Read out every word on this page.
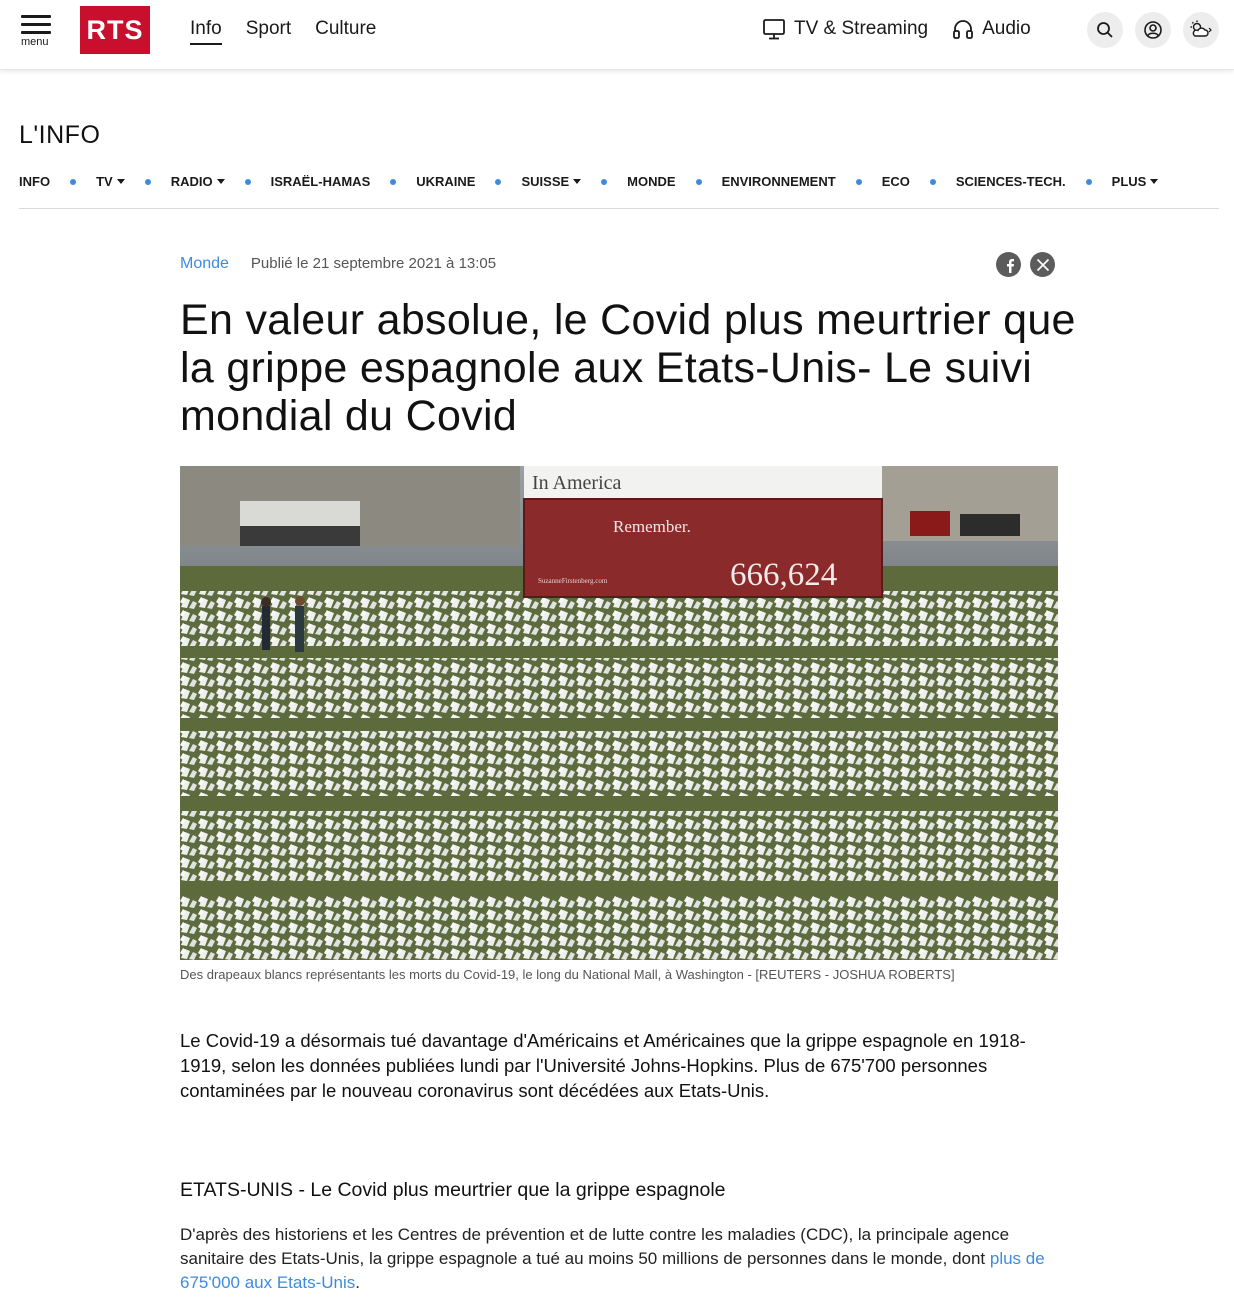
menu RTS	Info Sport Culture	TV & Streaming	Audio
L'INFO
INFO	TV	RADIO	ISRAËL-HAMAS	UKRAINE	SUISSE	MONDE	ENVIRONNEMENT	ECO	SCIENCES-TECH.	PLUS
Monde Publié le 21 septembre 2021 à 13:05
En valeur absolue, le Covid plus meurtrier que la grippe espagnole aux Etats-Unis- Le suivi mondial du Covid
In America
Remember.
SuzanneFirstenberg.com	666,624
Des drapeaux blancs représentants les morts du Covid-19, le long du National Mall, à Washington - [REUTERS - JOSHUA ROBERTS]

Le Covid-19 a désormais tué davantage d'Américains et Américaines que la grippe espagnole en 1918-1919, selon les données publiées lundi par l'Université Johns-Hopkins. Plus de 675'700 personnes contaminées par le nouveau coronavirus sont décédées aux Etats-Unis.

ETATS-UNIS - Le Covid plus meurtrier que la grippe espagnole

D'après des historiens et les Centres de prévention et de lutte contre les maladies (CDC), la principale agence sanitaire des Etats-Unis, la grippe espagnole a tué au moins 50 millions de personnes dans le monde, dont plus de 675'000 aux Etats-Unis.
